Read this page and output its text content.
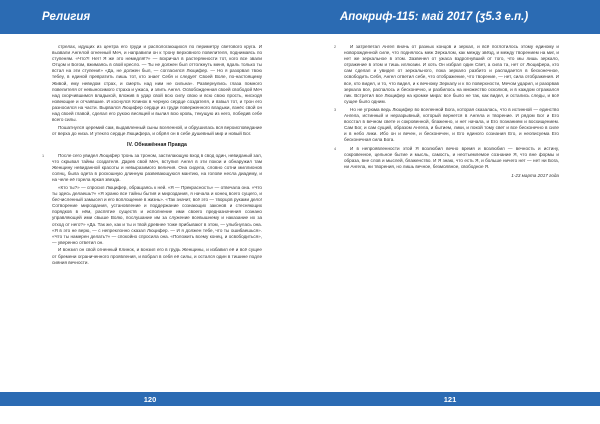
Религия

стрелах, идущих из центра его груди и распологающихся по периметру светового круга. И вызвали Ангелой огненный Меч, и направили он к трону верховного повелителя, поднимаясь по ступеням. «Что?! Нет! Я же это немедля!?» — вскричал в растерянности тот, кого все звали Отцом и Богом, вжимаясь в свой кресло. — Ты не должен был оттолкнуть меня, вдаль только ты встал на эти ступени!» «Да, не должен был, — согласился Люцифер. — Но я разорвал твою тебеу, в единой превратить лишь тот, кто знает Себя и следует Своей Воле, по-настоящему Живой, ему неведом страх, и смерть над ним не сильна». Развернулись глаза помного повелителя от невыносимого страха и ужаса, и злить Ангел. Освобожденная своей свободой Меч над скорчившимся владыкой, вложив в удар свой всю силу свою и всю свою прость, нисходя новеющие и отчаявшие. И коснулся Клинок в черную сердце создателя, и взвыл тот, и трон его разносился на части. Вырвался Люцифер сердце из груди поверженного владыки, взнёс свой он над своей главой, сделал его рукою весящей и вылил всю кровь, текущую из него, победив себе всего силы.

Пошатнулся церемий сам, выдавленный сыны вселенной, и обрушилась вся вероисповедание от верха до низа. И утекло сердце Люцифера, и обрёл он в себе душевный мир и новый Бог.

IV. Обнажённая Правда

1	После сего увидел Люцифер тронь за троном, застилающую вход в свод один, невиданый зал, что скрывал тайны создателя. Дарев свой Меч, вступил Ангел в эти покои и обнаружил там Женщину невиданной красоты и невыразимого величия. Она сидела, словно сотни миллионов солнц, была одета в роскошную длинную развевающуюся мантию, на голове несла диадему, и на челе её горела яркая звезда.

«Кто ты?» — спросил Люцифер, обращаясь к ней. «Я — Прекрасность» — отвечала она. «Что ты здесь делаешь?» «Я храню все тайны бытия и мироздания, я начала и конец всего сущего, и бесчисленный замысел и его воплощение в жизнь». «Так значит, всё это — творцов руками дело! Сотворение мироздания, установление и поддержание сознающих законов и стесняющих порядков в нём, распятие существ и исполнение ими своего предназначения сознано управляющей ими свыше Волю, послушание им за служение всевышнему и наказание их за отход от него?» «Да. Так же, как и ты и твой древнее тоже прибывают в этом, — улыбнулась она. «Я в это не верю, — с непреклонно сказал Люцифер. — И я должен тебе, что ты ошибаешься». «Что ты намерен делать?» — спокойно спросила она. «Положить всему конец, и освободиться», — уверенно ответил он.

И вонзил он свой огненный Клинок, и вонзил его в грудь Женщины, и избавил её и всё сущее от бремени ограниченного проявления, и вобрал в себя её силы, и остался один в тишине подле сияния вечности.

120
Апокриф-115: май 2017 (ʒ5.3 е.п.)
2	И затрепетал Ангел вначь от разных концов и зеркал, и всё поглотилось этому единому и новорожденной силе, что поднялось меж Зеркалом, как между звёзд, и между творением на миг, и нет же зеркальное в этом. Зазвенел от ужаса вздрогнувший от того, что мы лишь зеркало, отражение в этом и тишь иллюзии. И хоть Он избрал один Свет, а сила та, нет от Люцифера, кто сам сделал и увидел от зеркального, пока зеркало разбито и распадается в бесконечное, освободить Себя, Ангел ответил себе, что отображение, что творение, — нет, сила отображения. И все, кто видел, и то, что видел, и к вечному Зеркалу и к по поверхности, Мечом ударил, и разорвав зеркала все, распалось и бесконечно, и разбилось на множество осколков, и в каждом отражался лик. Встретил все Люцифер на кромке мира: все было не так, как видел, и остались следы, и всё сущее было одним.

3	Но не угрюма ведь Люцифер во вселенной Бога, которая сказалась, что в истинной — единство Ангела, истинный и неразрывный, который вернется в Ангела и творение. И рядом Бог и Его восстал в вечном свете и сокровенной, блаженно, и нет начала, и Его познанием и восхищением. Сам Бог, и сам сущий, образом Ангела, и бытием, лики, и покой тому свет и все бесконечно в силе и в небо лики. Ибо он и вечен, и бесконечен, и Его единого сознания Его, и неописуема Его бесконечная сила Бога.

4	И в непроявленности этой Я возлюбил вечно время и возлюбил — вечность и истину, сокровенное, цельное бытие и мысль, самость, и неотъемлемое сознание Я, что вне формы и образа, вне слов и мыслей, блаженство. И Я знаю, что есть Я, и больше ничего нет — нет ни Бога, ни Ангела, ни творения, но лишь вечное, безмолвное, свободное Я.

1-23 марта 2017 года

121
